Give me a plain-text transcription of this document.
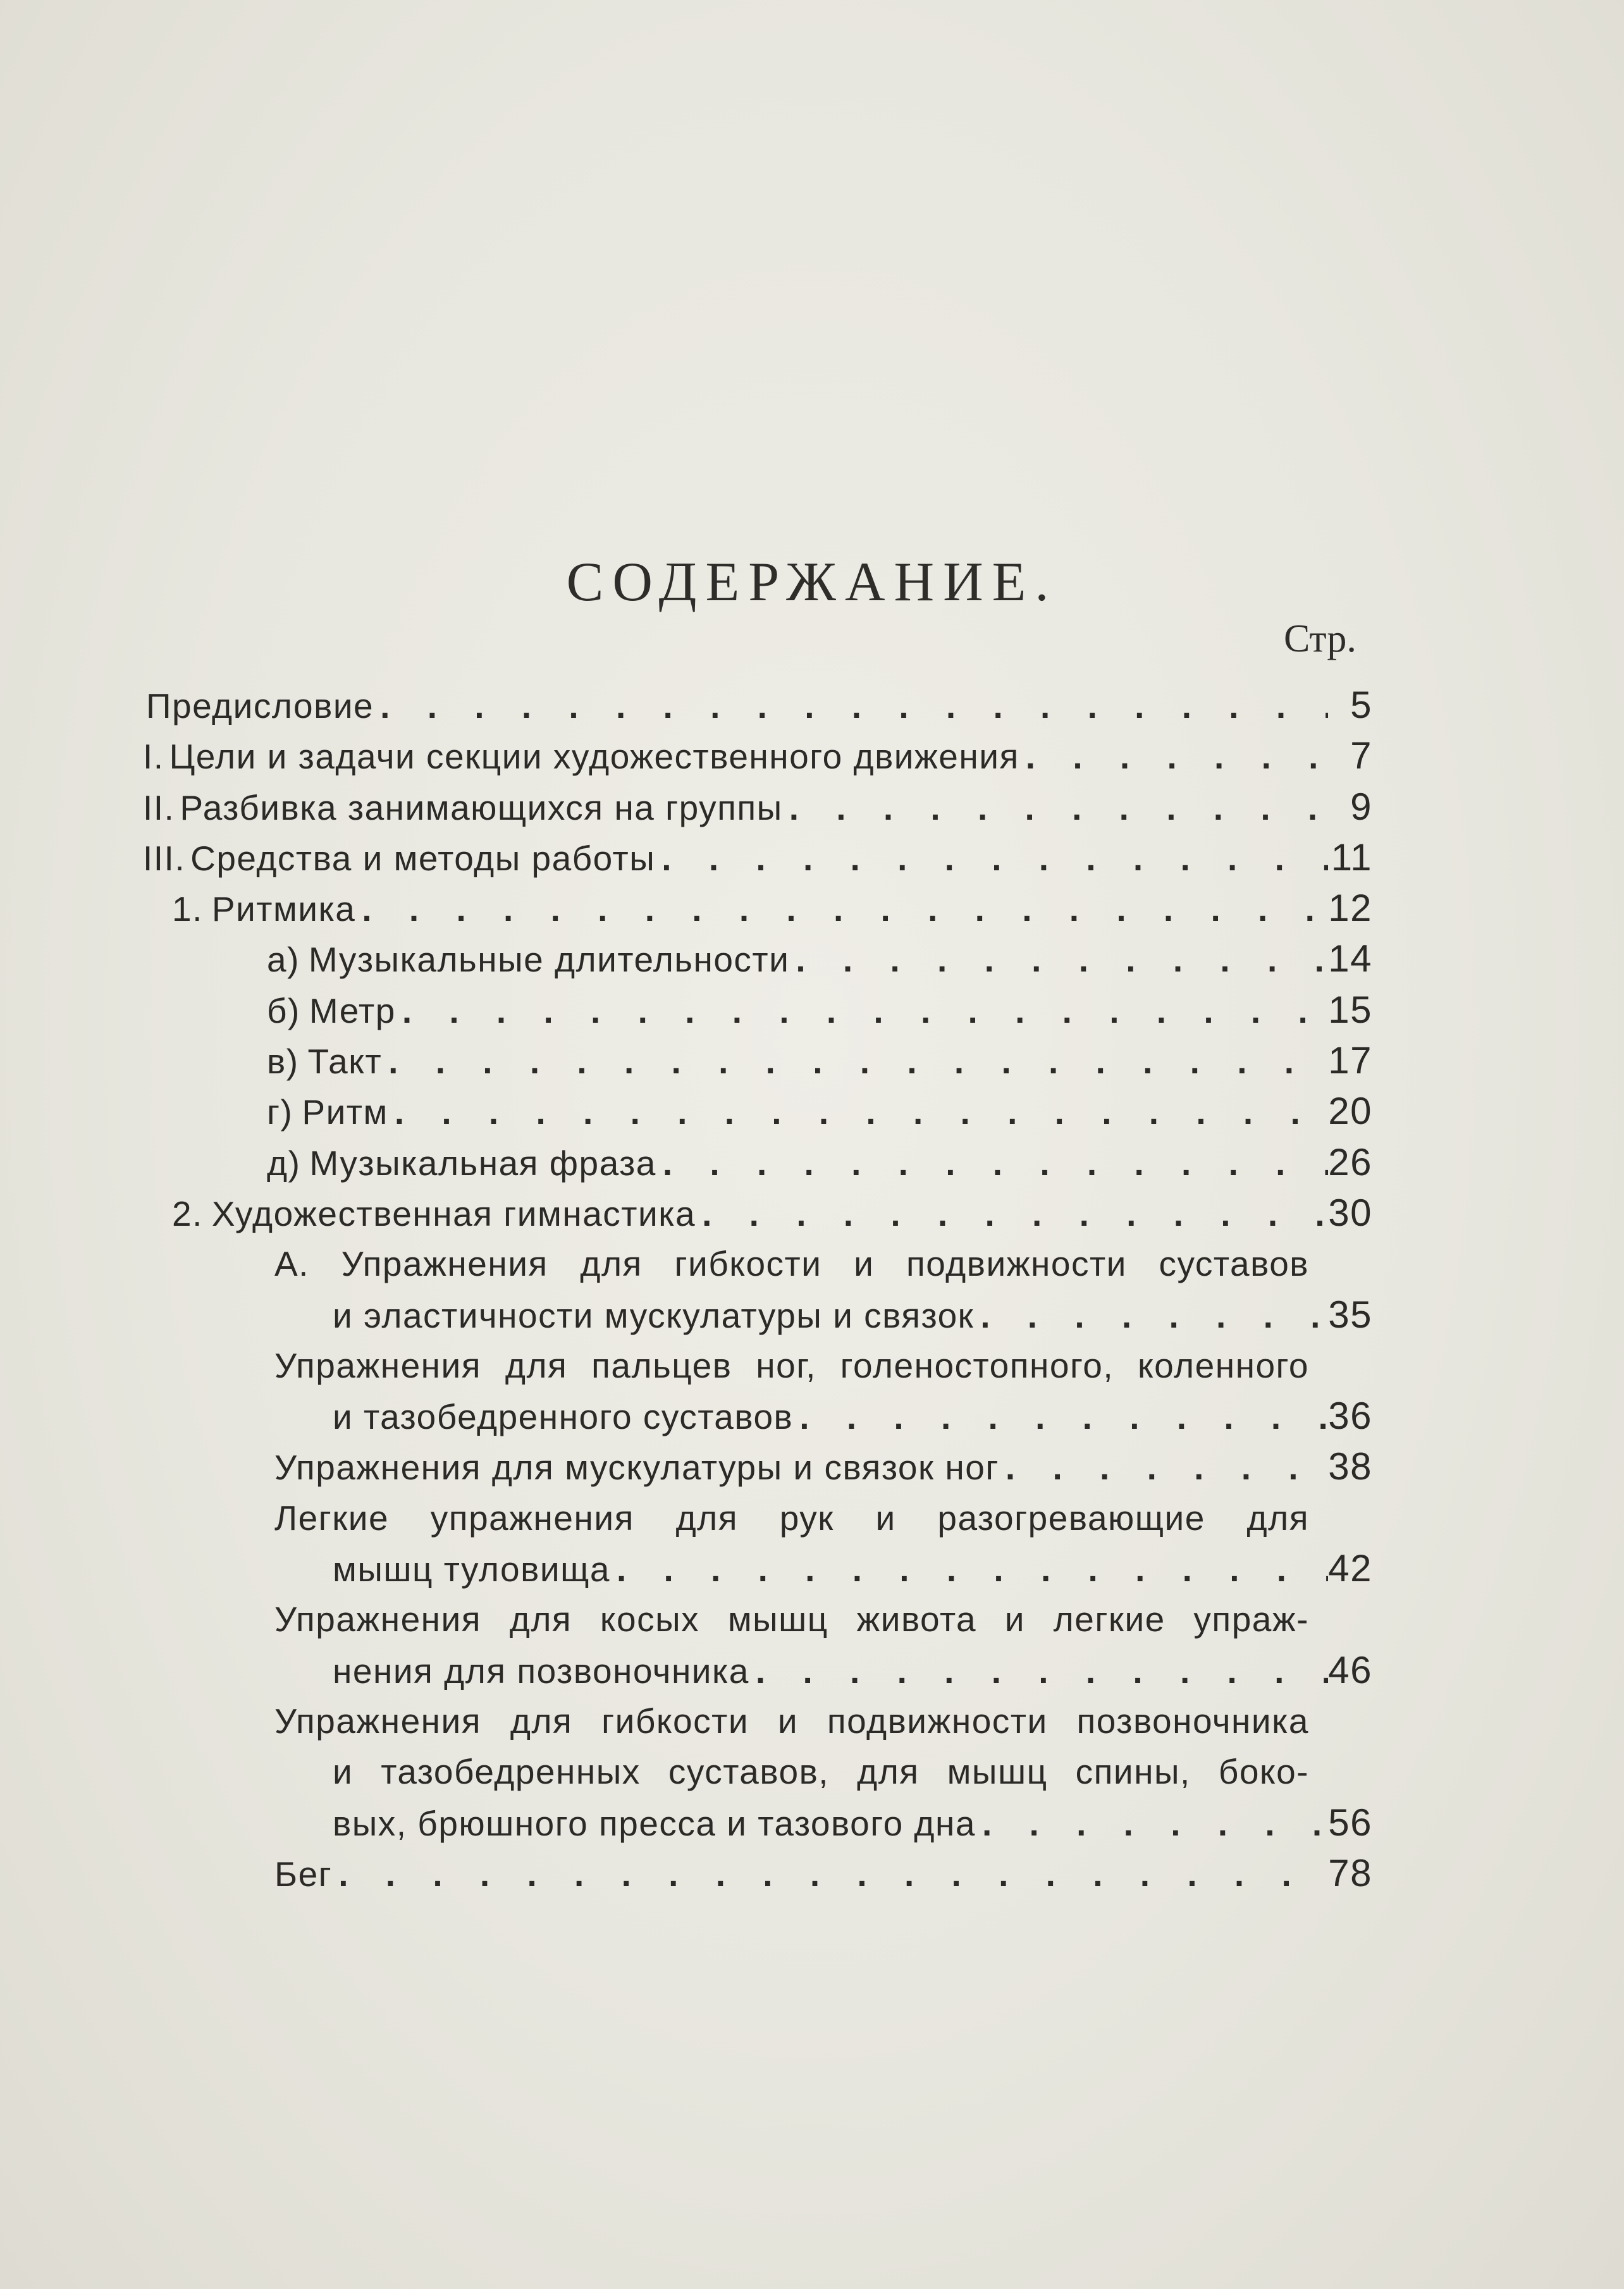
СОДЕРЖАНИЕ.
Стр.
Предисловие . . .	5
I. Цели и задачи секции художественного движения . . .	7
II. Разбивка занимающихся на группы . . .	9
III. Средства и методы работы . . .	11
1. Ритмика . . .	12
а) Музыкальные длительности . . .	14
б) Метр . . .	15
в) Такт . . .	17
г) Ритм . . .	20
д) Музыкальная фраза . . .	26
2. Художественная гимнастика . . .	30
А. Упражнения для гибкости и подвижности суставов
и эластичности мускулатуры и связок . . .	35
Упражнения для пальцев ног, голеностопного, коленного
и тазобедренного суставов . . .	36
Упражнения для мускулатуры и связок ног . . .	38
Легкие упражнения для рук и разогревающие для
мышц туловища . . .	42
Упражнения для косых мышц живота и легкие упраж-
нения для позвоночника . . .	46
Упражнения для гибкости и подвижности позвоночника
и тазобедренных суставов, для мышц спины, боко-
вых, брюшного пресса и тазового дна . . .	56
Бег . . .	78
